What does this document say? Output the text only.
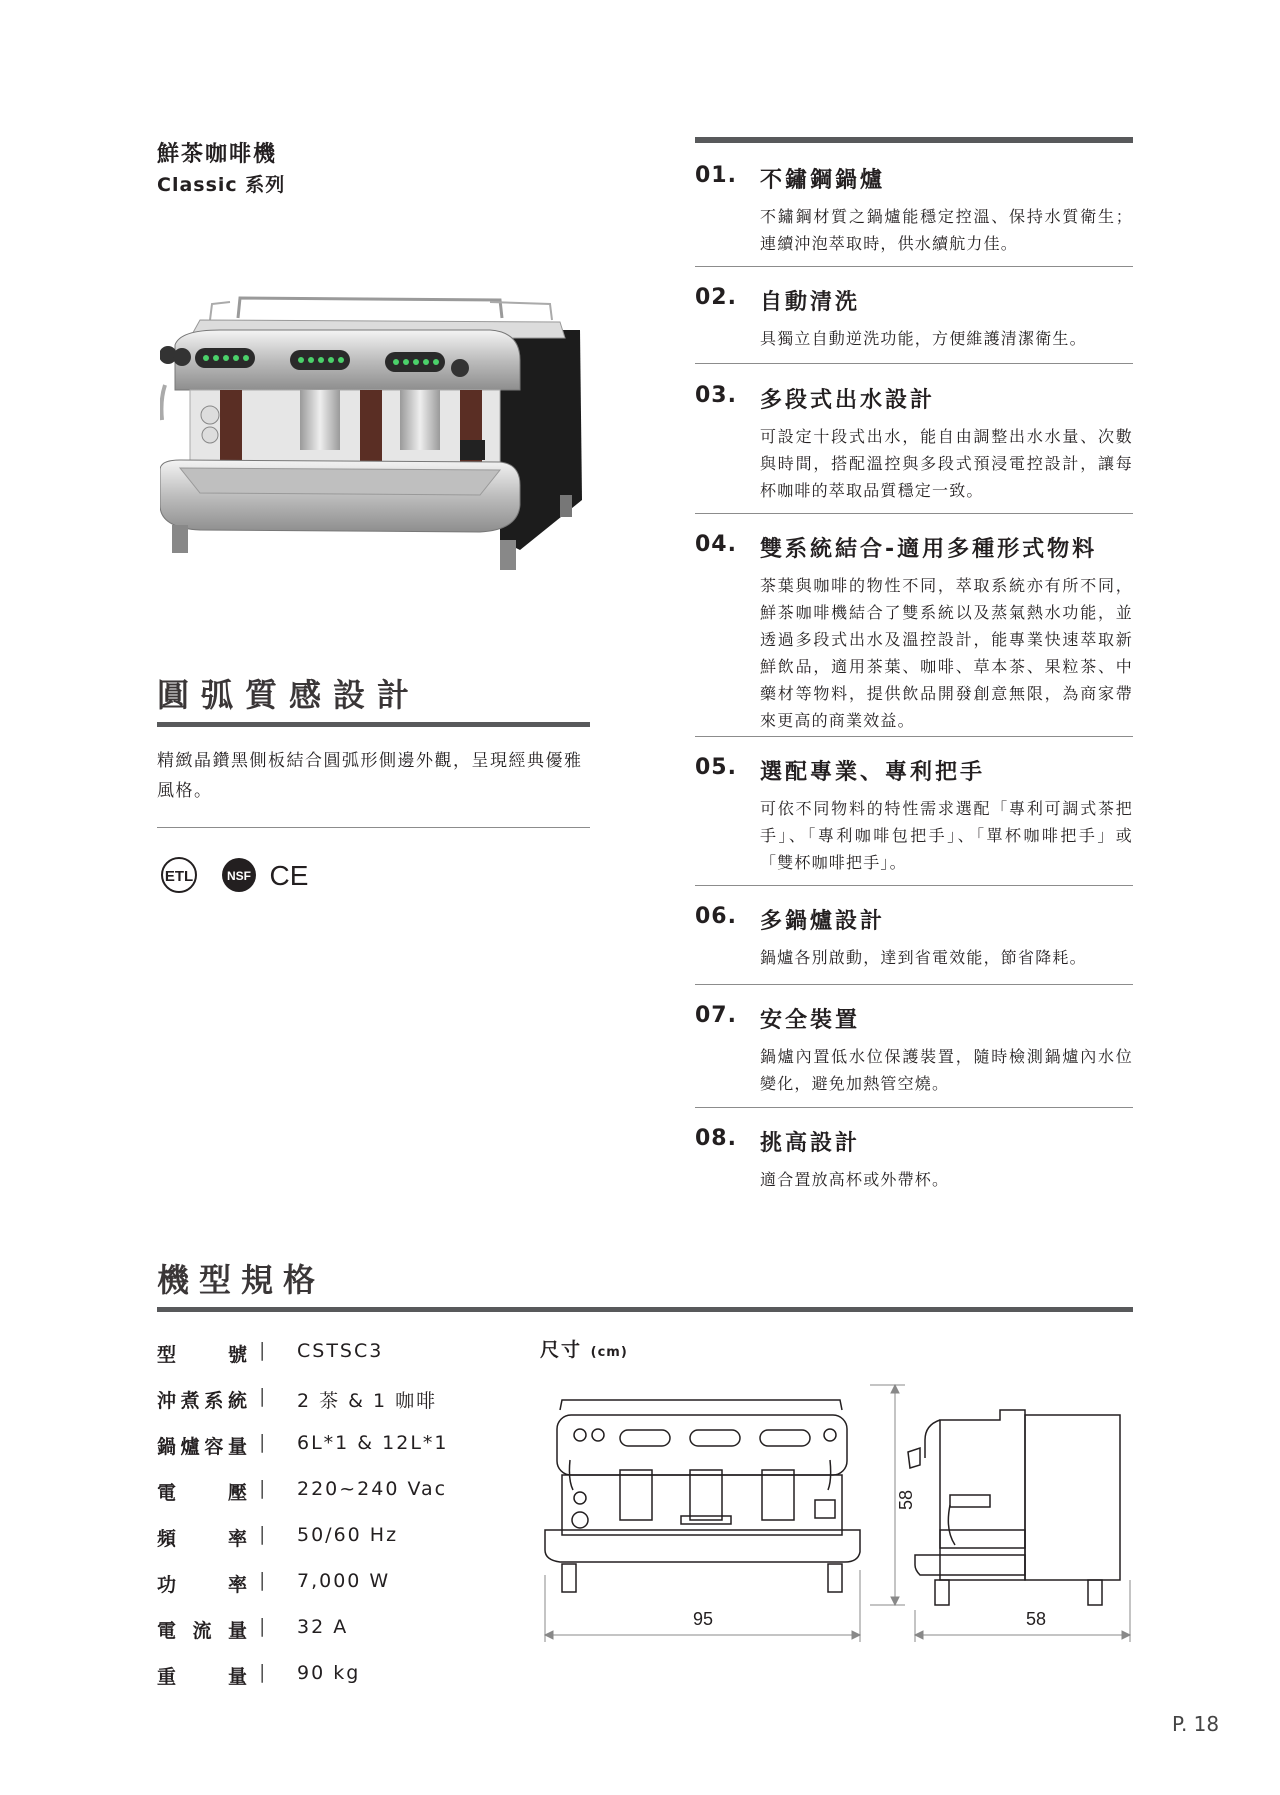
鮮茶咖啡機
Classic 系列
圓弧質感設計
精緻晶鑽黑側板結合圓弧形側邊外觀，呈現經典優雅風格。
ETL	NSF CE
01. 不鏽鋼鍋爐
不鏽鋼材質之鍋爐能穩定控溫、保持水質衛生；連續沖泡萃取時，供水續航力佳。
02. 自動清洗
具獨立自動逆洗功能，方便維護清潔衛生。
03. 多段式出水設計
可設定十段式出水，能自由調整出水水量、次數與時間，搭配溫控與多段式預浸電控設計，讓每杯咖啡的萃取品質穩定一致。
04. 雙系統結合-適用多種形式物料
茶葉與咖啡的物性不同，萃取系統亦有所不同，鮮茶咖啡機結合了雙系統以及蒸氣熱水功能，並透過多段式出水及溫控設計，能專業快速萃取新鮮飲品，適用茶葉、咖啡、草本茶、果粒茶、中藥材等物料，提供飲品開發創意無限，為商家帶來更高的商業效益。
05. 選配專業、專利把手
可依不同物料的特性需求選配「專利可調式茶把手」、「專利咖啡包把手」、「單杯咖啡把手」或「雙杯咖啡把手」。
06. 多鍋爐設計
鍋爐各別啟動，達到省電效能，節省降耗。
07. 安全裝置
鍋爐內置低水位保護裝置，隨時檢測鍋爐內水位變化，避免加熱管空燒。
08. 挑高設計
適合置放高杯或外帶杯。
機型規格
型號 | CSTSC3
沖煮系統 | 2 茶 & 1 咖啡
鍋爐容量 | 6L*1 & 12L*1
電壓 | 220~240 Vac
頻率 | 50/60 Hz
功率 | 7,000 W
電流量 | 32 A
重量 | 90 kg
尺寸 (cm)
95
58
58
P. 18
